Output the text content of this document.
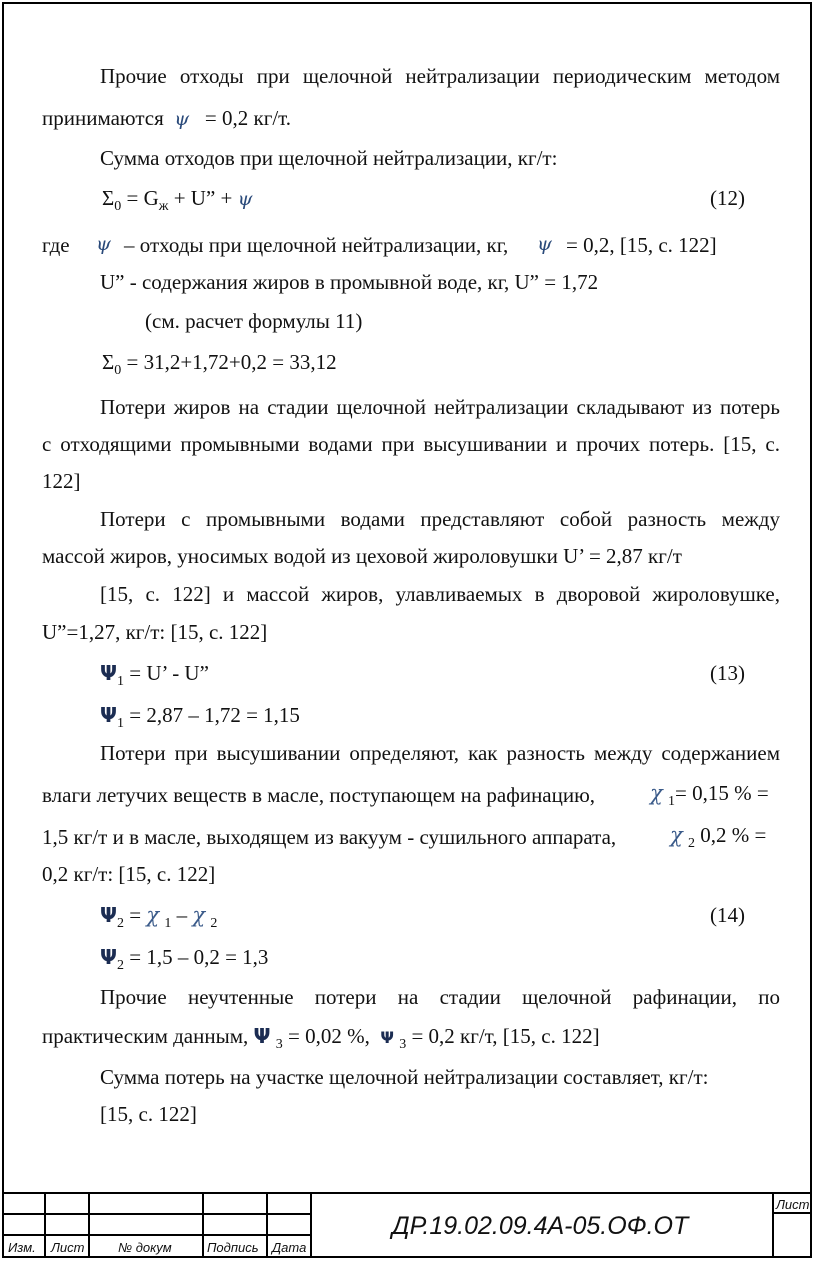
Прочие отходы при щелочной нейтрализации периодическим методом
принимаются ψ = 0,2 кг/т.
Сумма отходов при щелочной нейтрализации, кг/т:
$\Sigma_0 = G_ж + U$” + ψ	(12)
где ψ – отходы при щелочной нейтрализации, кг, ψ = 0,2, [15, с. 122]
U” - содержания жиров в промывной воде, кг, U” = 1,72
(см. расчет формулы 11)
$\Sigma_0 = 31,2+1,72+0,2 = 33,12$
Потери жиров на стадии щелочной нейтрализации складывают из потерь
с отходящими промывными водами при высушивании и прочих потерь. [15, с.
122]
Потери с промывными водами представляют собой разность между
массой жиров, уносимых водой из цеховой жироловушки U’ = 2,87 кг/т
[15, с. 122] и массой жиров, улавливаемых в дворовой жироловушке,
U”=1,27, кг/т: [15, с. 122]
$\Psi_1 = U$’ - U”	(13)
$\Psi_1 = 2,87 - 1,72 = 1,15$
Потери при высушивании определяют, как разность между содержанием
влаги летучих веществ в масле, поступающем на рафинацию,	χ $_1$= 0,15 % =
1,5 кг/т и в масле, выходящем из вакуум - сушильного аппарата,	χ $_2$ 0,2 % =
0,2 кг/т: [15, с. 122]
$\Psi_2 = \chi$ $_1$ – χ $_2$	(14)
$\Psi_2 = 1,5 - 0,2 = 1,3$
Прочие неучтенные потери на стадии щелочной рафинации, по
практическим данным, Ψ $_3$ = 0,02 %, Ψ $_3$ = 0,2 кг/т, [15, с. 122]
Сумма потерь на участке щелочной нейтрализации составляет, кг/т:
[15, с. 122]
Изм. Лист	№ докум	Подпись Дата
ДР.19.02.09.4А-05.ОФ.ОТ
Лист
